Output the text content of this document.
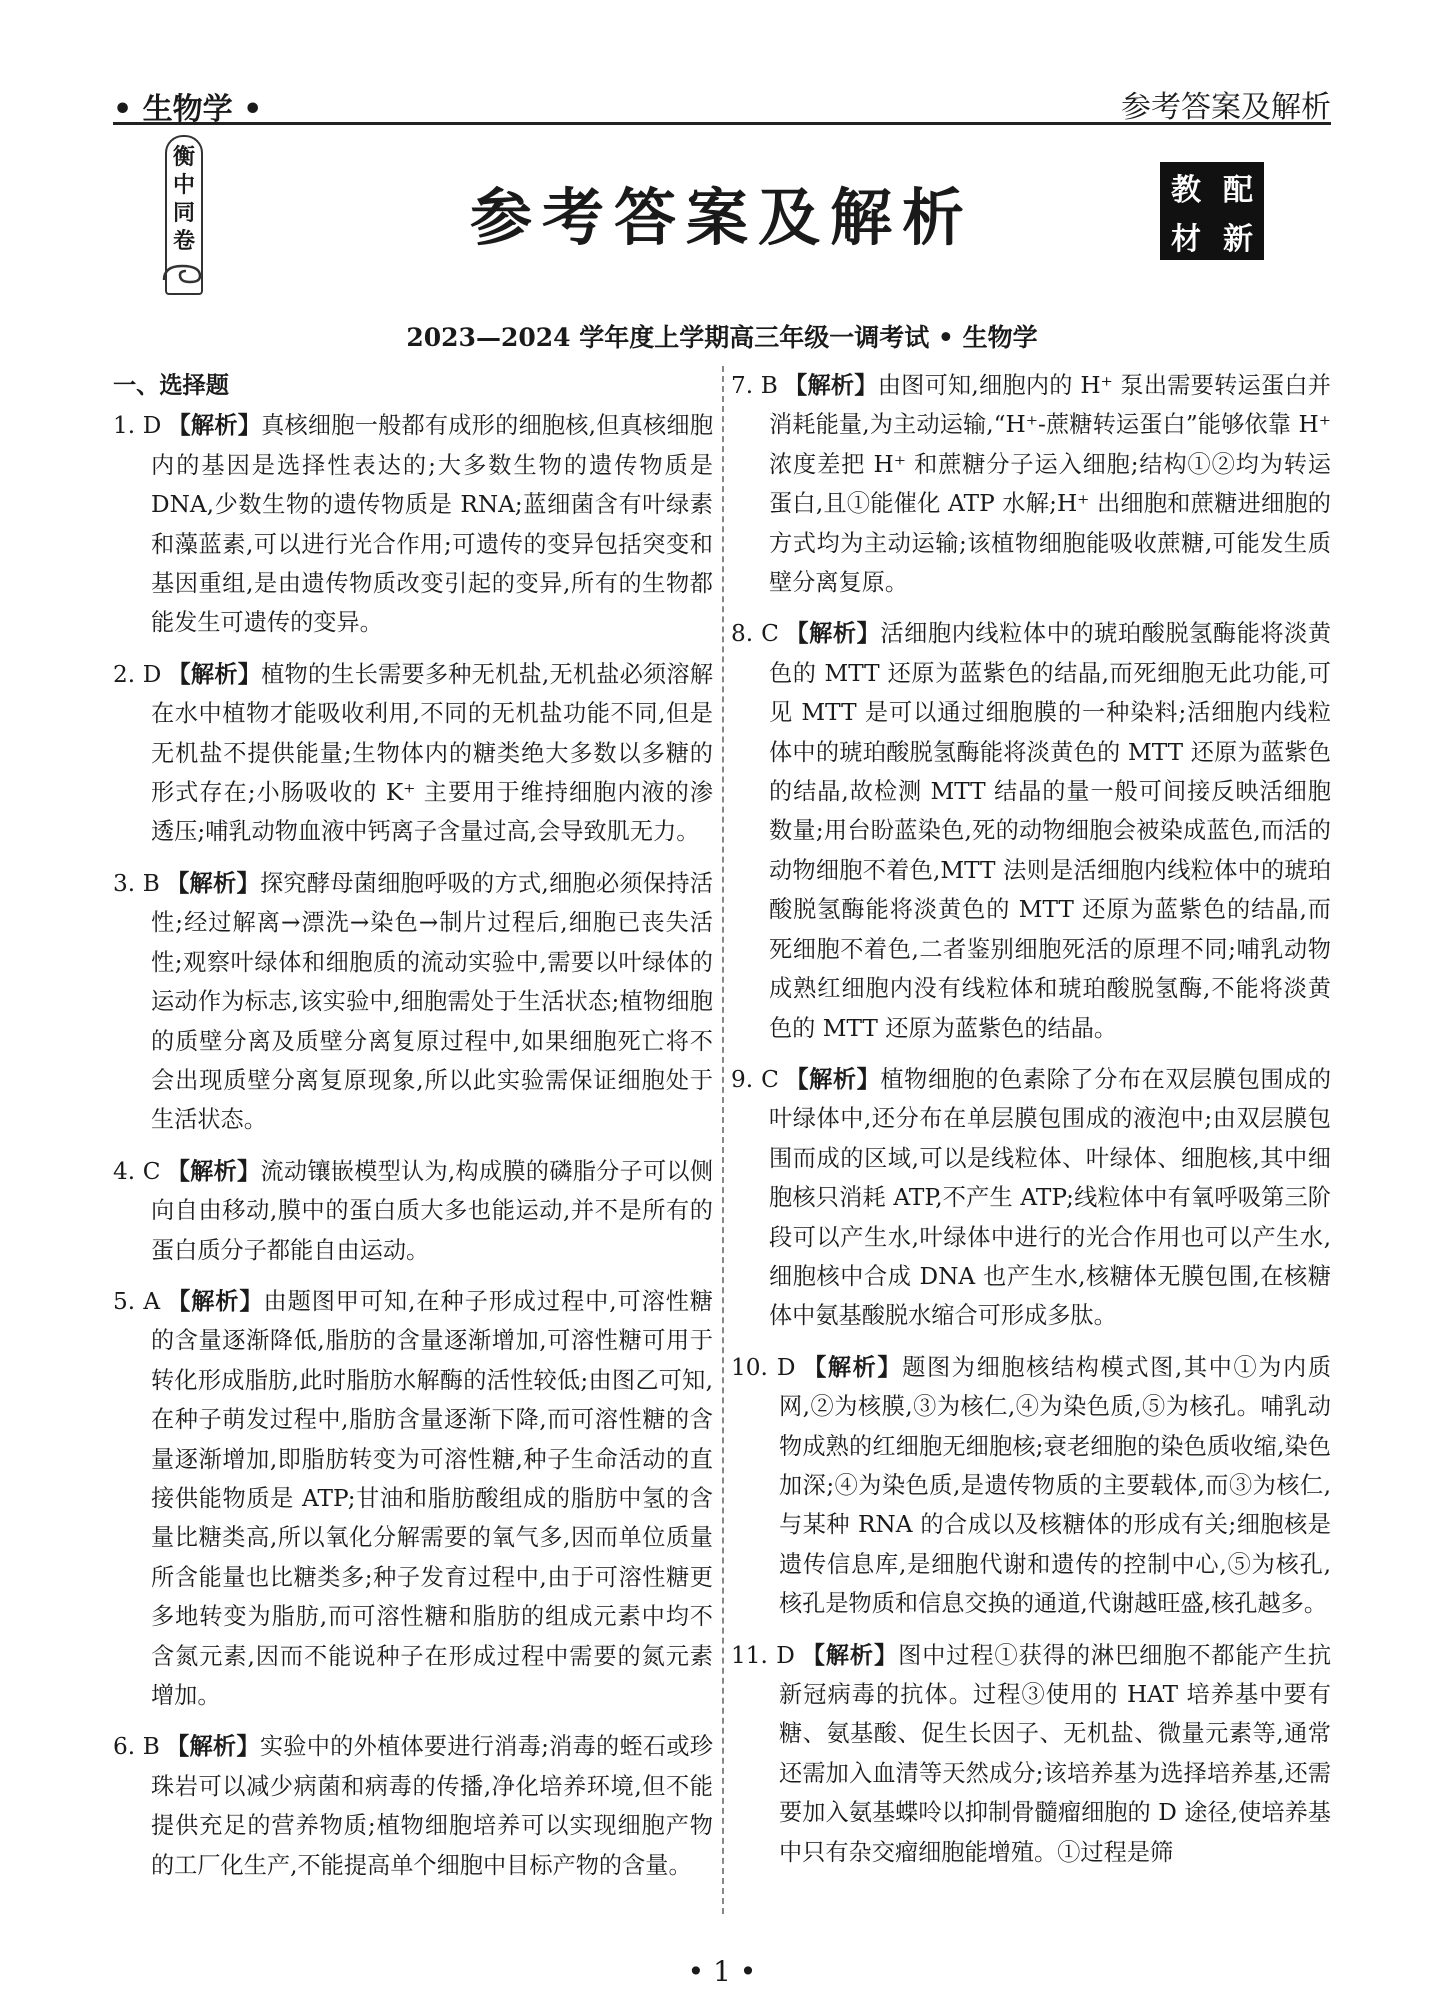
• 生物学 •	参考答案及解析
衡
中
同
卷	参考答案及解析	教 配
材 新
2023—2024 学年度上学期高三年级一调考试 • 生物学
一、选择题

1. D 【解析】真核细胞一般都有成形的细胞核,但真核细胞内的基因是选择性表达的;大多数生物的遗传物质是 DNA,少数生物的遗传物质是 RNA;蓝细菌含有叶绿素和藻蓝素,可以进行光合作用;可遗传的变异包括突变和基因重组,是由遗传物质改变引起的变异,所有的生物都能发生可遗传的变异。

2. D 【解析】植物的生长需要多种无机盐,无机盐必须溶解在水中植物才能吸收利用,不同的无机盐功能不同,但是无机盐不提供能量;生物体内的糖类绝大多数以多糖的形式存在;小肠吸收的 K⁺ 主要用于维持细胞内液的渗透压;哺乳动物血液中钙离子含量过高,会导致肌无力。

3. B 【解析】探究酵母菌细胞呼吸的方式,细胞必须保持活性;经过解离→漂洗→染色→制片过程后,细胞已丧失活性;观察叶绿体和细胞质的流动实验中,需要以叶绿体的运动作为标志,该实验中,细胞需处于生活状态;植物细胞的质壁分离及质壁分离复原过程中,如果细胞死亡将不会出现质壁分离复原现象,所以此实验需保证细胞处于生活状态。

4. C 【解析】流动镶嵌模型认为,构成膜的磷脂分子可以侧向自由移动,膜中的蛋白质大多也能运动,并不是所有的蛋白质分子都能自由运动。

5. A 【解析】由题图甲可知,在种子形成过程中,可溶性糖的含量逐渐降低,脂肪的含量逐渐增加,可溶性糖可用于转化形成脂肪,此时脂肪水解酶的活性较低;由图乙可知,在种子萌发过程中,脂肪含量逐渐下降,而可溶性糖的含量逐渐增加,即脂肪转变为可溶性糖,种子生命活动的直接供能物质是 ATP;甘油和脂肪酸组成的脂肪中氢的含量比糖类高,所以氧化分解需要的氧气多,因而单位质量所含能量也比糖类多;种子发育过程中,由于可溶性糖更多地转变为脂肪,而可溶性糖和脂肪的组成元素中均不含氮元素,因而不能说种子在形成过程中需要的氮元素增加。

6. B 【解析】实验中的外植体要进行消毒;消毒的蛭石或珍珠岩可以减少病菌和病毒的传播,净化培养环境,但不能提供充足的营养物质;植物细胞培养可以实现细胞产物的工厂化生产,不能提高单个细胞中目标产物的含量。

7. B 【解析】由图可知,细胞内的 H⁺ 泵出需要转运蛋白并消耗能量,为主动运输,“H⁺-蔗糖转运蛋白”能够依靠 H⁺ 浓度差把 H⁺ 和蔗糖分子运入细胞;结构①②均为转运蛋白,且①能催化 ATP 水解;H⁺ 出细胞和蔗糖进细胞的方式均为主动运输;该植物细胞能吸收蔗糖,可能发生质壁分离复原。

8. C 【解析】活细胞内线粒体中的琥珀酸脱氢酶能将淡黄色的 MTT 还原为蓝紫色的结晶,而死细胞无此功能,可见 MTT 是可以通过细胞膜的一种染料;活细胞内线粒体中的琥珀酸脱氢酶能将淡黄色的 MTT 还原为蓝紫色的结晶,故检测 MTT 结晶的量一般可间接反映活细胞数量;用台盼蓝染色,死的动物细胞会被染成蓝色,而活的动物细胞不着色,MTT 法则是活细胞内线粒体中的琥珀酸脱氢酶能将淡黄色的 MTT 还原为蓝紫色的结晶,而死细胞不着色,二者鉴别细胞死活的原理不同;哺乳动物成熟红细胞内没有线粒体和琥珀酸脱氢酶,不能将淡黄色的 MTT 还原为蓝紫色的结晶。

9. C 【解析】植物细胞的色素除了分布在双层膜包围成的叶绿体中,还分布在单层膜包围成的液泡中;由双层膜包围而成的区域,可以是线粒体、叶绿体、细胞核,其中细胞核只消耗 ATP,不产生 ATP;线粒体中有氧呼吸第三阶段可以产生水,叶绿体中进行的光合作用也可以产生水,细胞核中合成 DNA 也产生水,核糖体无膜包围,在核糖体中氨基酸脱水缩合可形成多肽。

10. D 【解析】题图为细胞核结构模式图,其中①为内质网,②为核膜,③为核仁,④为染色质,⑤为核孔。哺乳动物成熟的红细胞无细胞核;衰老细胞的染色质收缩,染色加深;④为染色质,是遗传物质的主要载体,而③为核仁,与某种 RNA 的合成以及核糖体的形成有关;细胞核是遗传信息库,是细胞代谢和遗传的控制中心,⑤为核孔,核孔是物质和信息交换的通道,代谢越旺盛,核孔越多。

11. D 【解析】图中过程①获得的淋巴细胞不都能产生抗新冠病毒的抗体。过程③使用的 HAT 培养基中要有糖、氨基酸、促生长因子、无机盐、微量元素等,通常还需加入血清等天然成分;该培养基为选择培养基,还需要加入氨基蝶呤以抑制骨髓瘤细胞的 D 途径,使培养基中只有杂交瘤细胞能增殖。①过程是筛

• 1 •
